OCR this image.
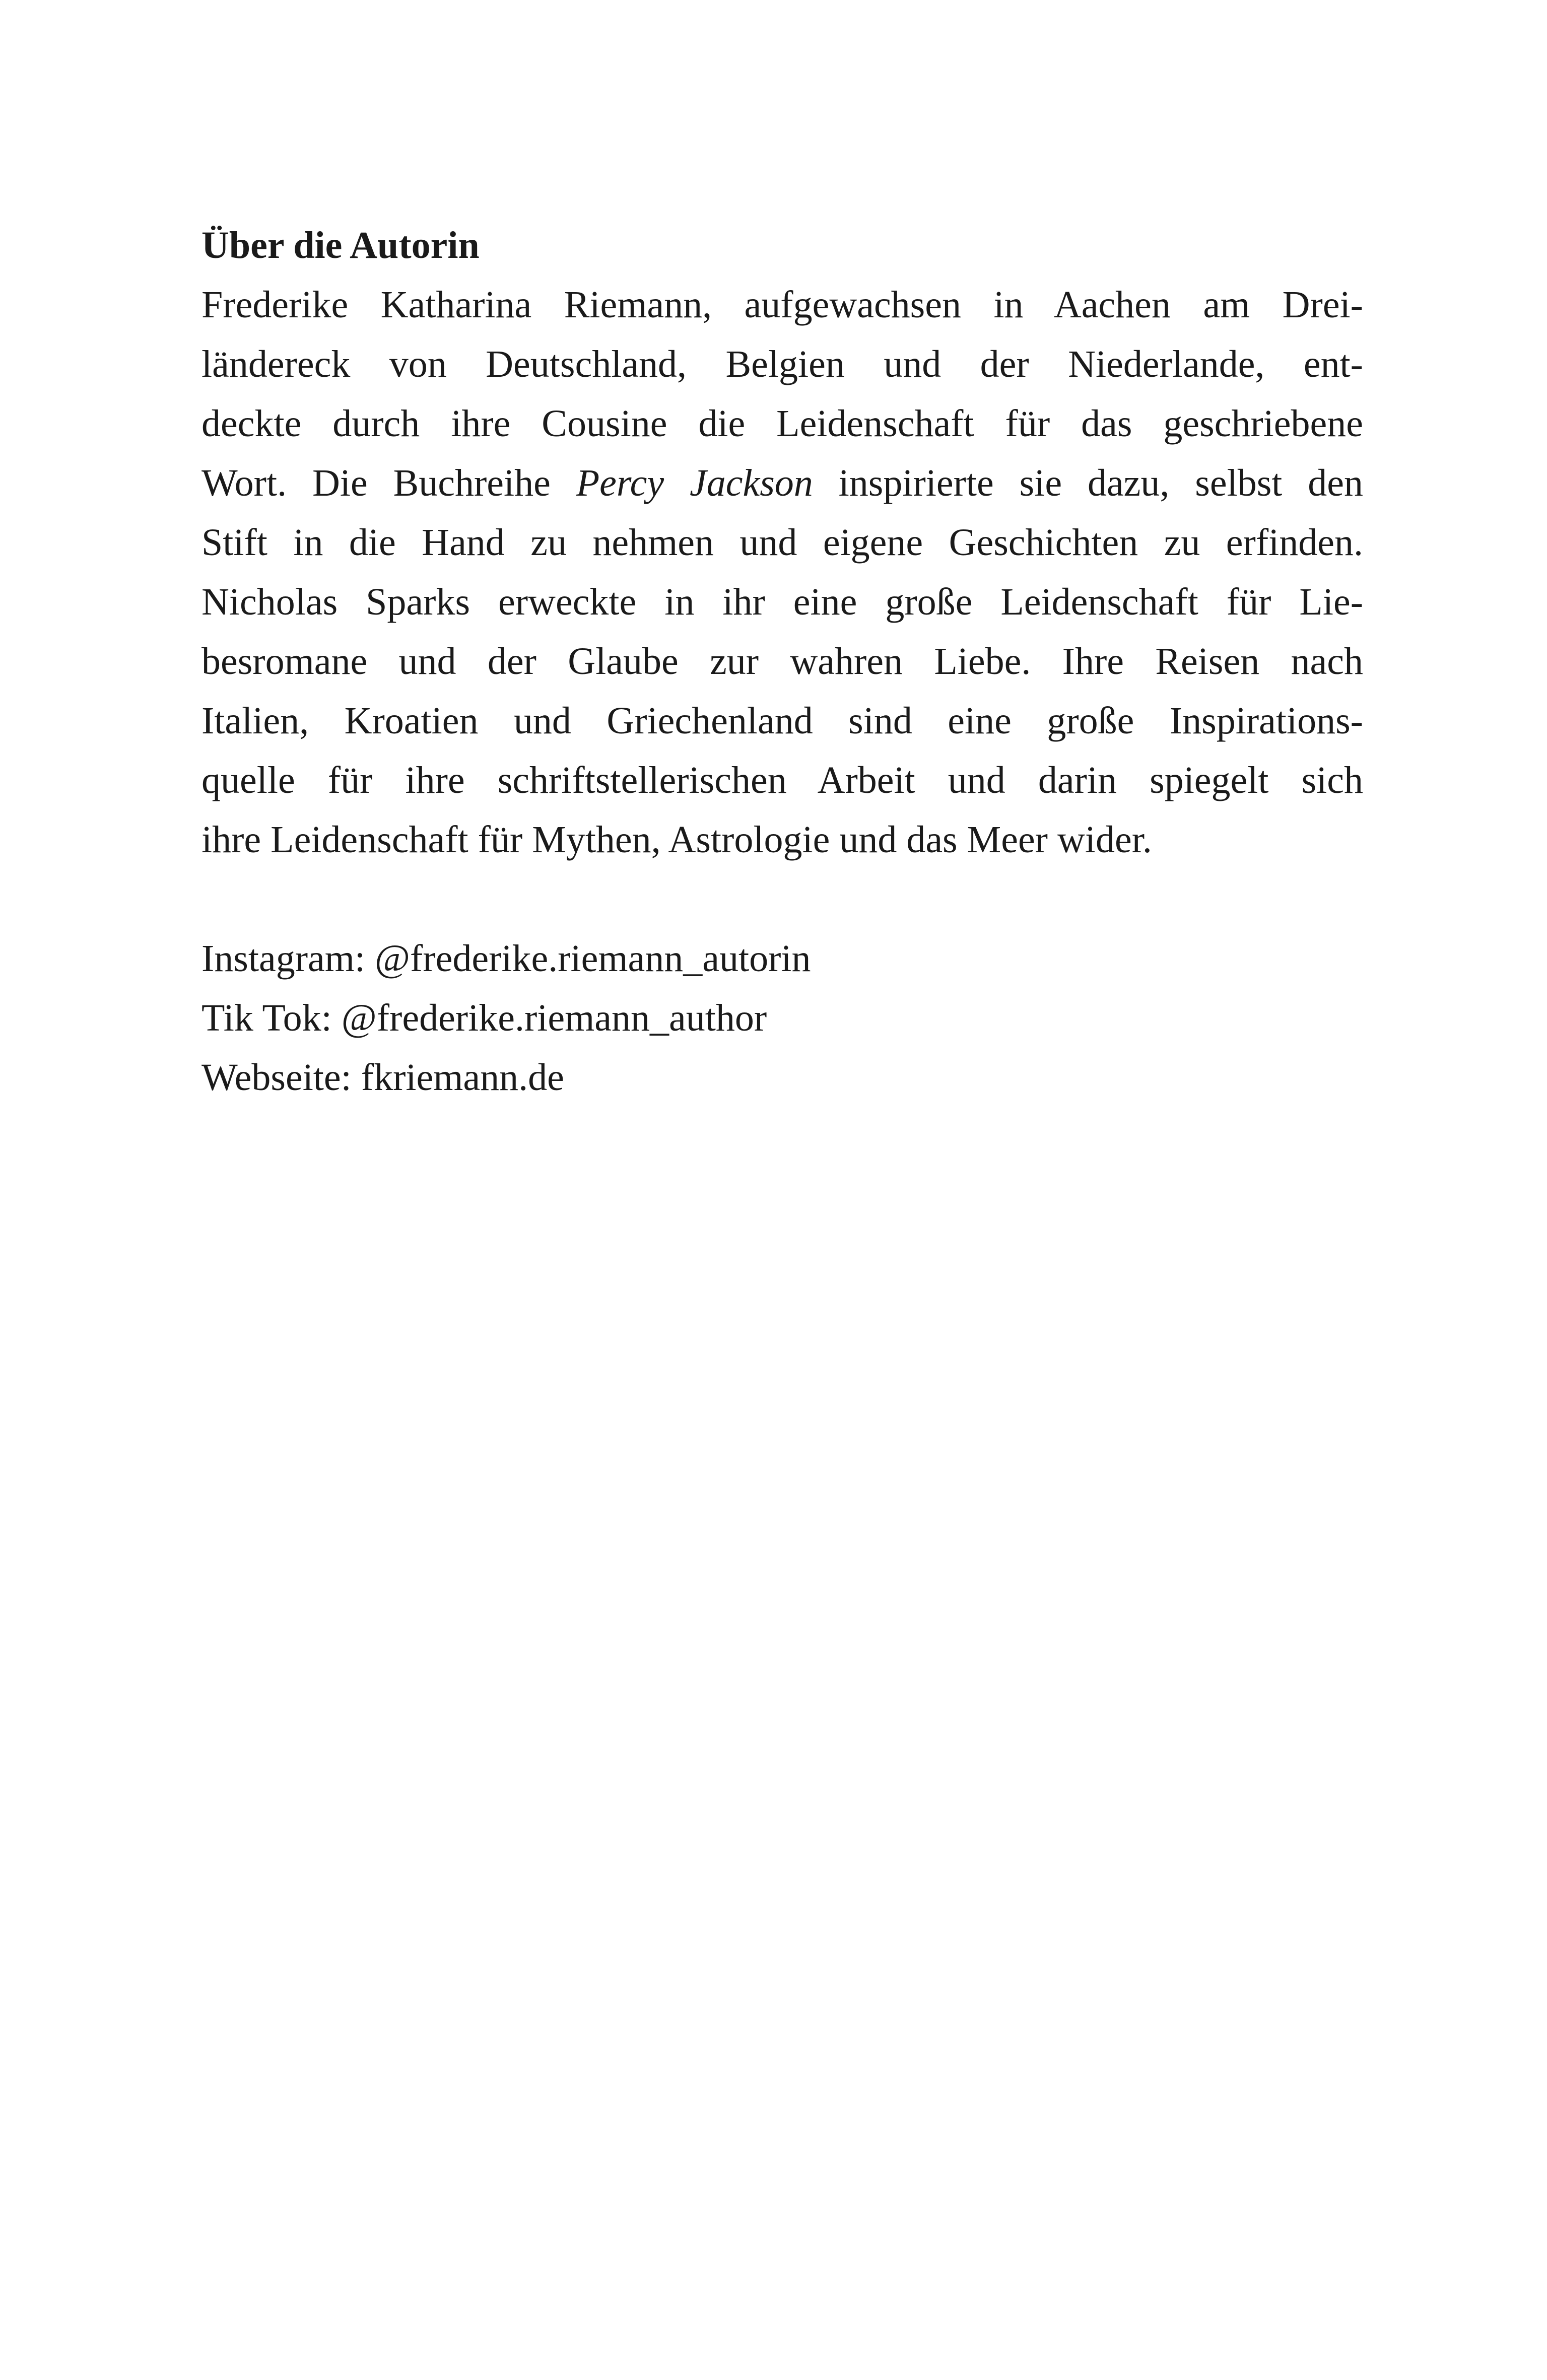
Über die Autorin
Frederike Katharina Riemann, aufgewachsen in Aachen am Drei-
ländereck von Deutschland, Belgien und der Niederlande, ent-
deckte durch ihre Cousine die Leidenschaft für das geschriebene
Wort. Die Buchreihe Percy Jackson inspirierte sie dazu, selbst den
Stift in die Hand zu nehmen und eigene Geschichten zu erfinden.
Nicholas Sparks erweckte in ihr eine große Leidenschaft für Lie-
besromane und der Glaube zur wahren Liebe. Ihre Reisen nach
Italien, Kroatien und Griechenland sind eine große Inspirations-
quelle für ihre schriftstellerischen Arbeit und darin spiegelt sich
ihre Leidenschaft für Mythen, Astrologie und das Meer wider.
Instagram: @frederike.riemann_autorin
Tik Tok: @frederike.riemann_author
Webseite: fkriemann.de
